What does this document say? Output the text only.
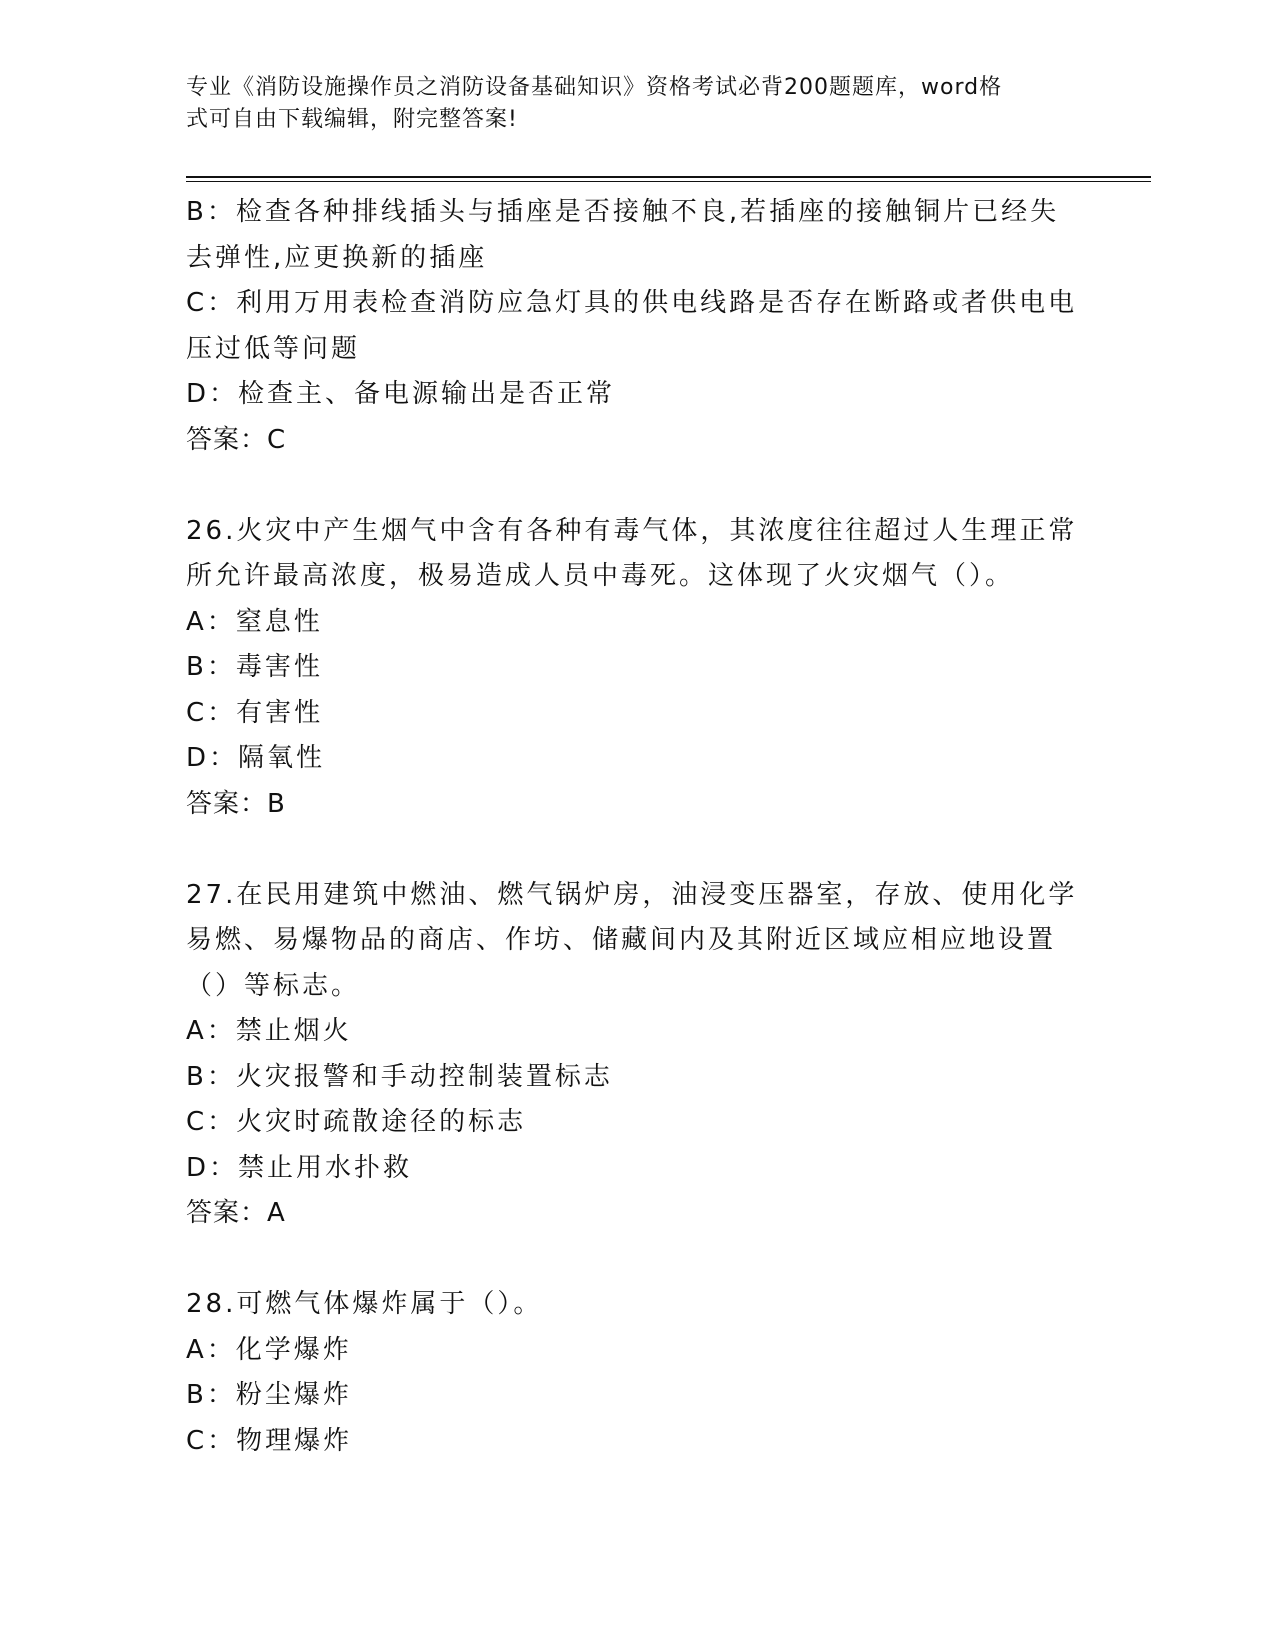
专业《消防设施操作员之消防设备基础知识》资格考试必背200题题库，word格
式可自由下载编辑，附完整答案!
B：检查各种排线插头与插座是否接触不良,若插座的接触铜片已经失
去弹性,应更换新的插座
C：利用万用表检查消防应急灯具的供电线路是否存在断路或者供电电
压过低等问题
D：检查主、备电源输出是否正常
答案：C
26.火灾中产生烟气中含有各种有毒气体，其浓度往往超过人生理正常
所允许最高浓度，极易造成人员中毒死。这体现了火灾烟气（）。
A：窒息性
B：毒害性
C：有害性
D：隔氧性
答案：B
27.在民用建筑中燃油、燃气锅炉房，油浸变压器室，存放、使用化学
易燃、易爆物品的商店、作坊、储藏间内及其附近区域应相应地设置
（）等标志。
A：禁止烟火
B：火灾报警和手动控制装置标志
C：火灾时疏散途径的标志
D：禁止用水扑救
答案：A
28.可燃气体爆炸属于（）。
A：化学爆炸
B：粉尘爆炸
C：物理爆炸
